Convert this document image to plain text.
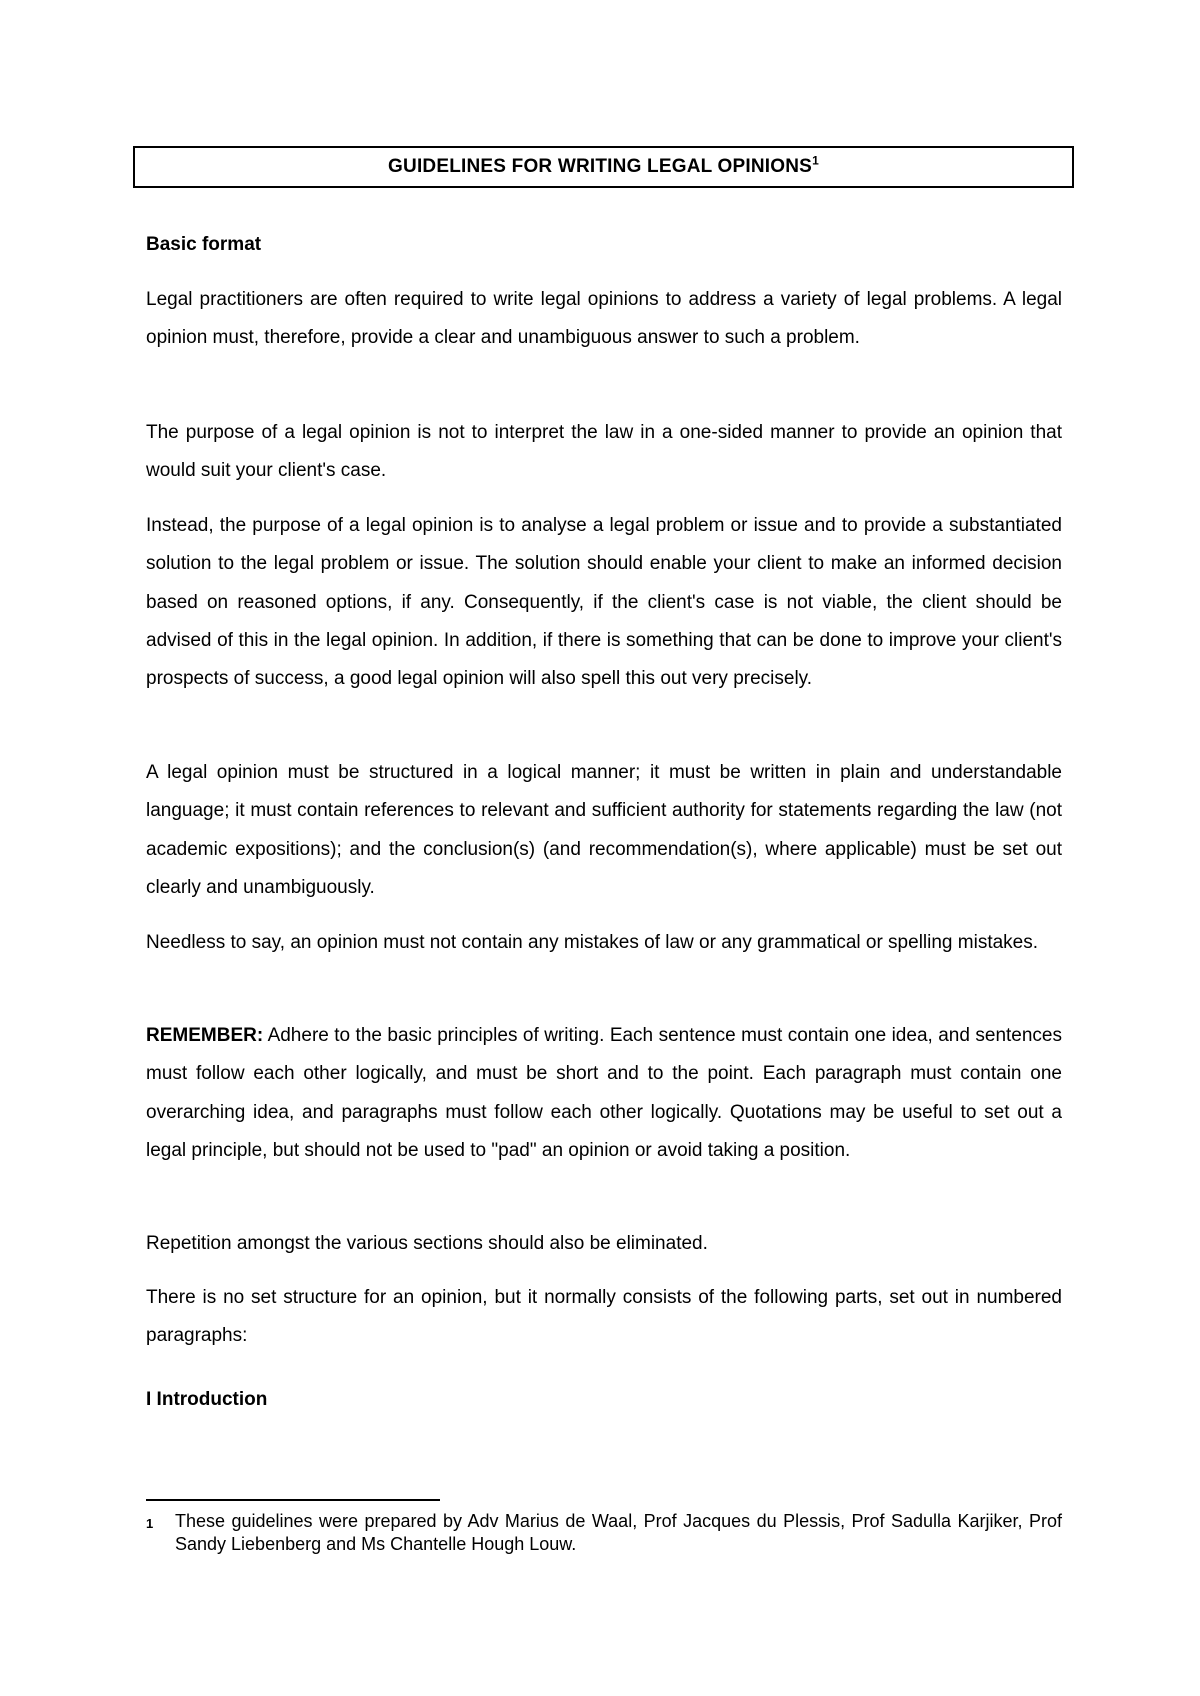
GUIDELINES FOR WRITING LEGAL OPINIONS$^1$
Basic format

Legal practitioners are often required to write legal opinions to address a variety of legal problems. A legal opinion must, therefore, provide a clear and unambiguous answer to such a problem.

The purpose of a legal opinion is not to interpret the law in a one-sided manner to provide an opinion that would suit your client's case.

Instead, the purpose of a legal opinion is to analyse a legal problem or issue and to provide a substantiated solution to the legal problem or issue. The solution should enable your client to make an informed decision based on reasoned options, if any. Consequently, if the client's case is not viable, the client should be advised of this in the legal opinion. In addition, if there is something that can be done to improve your client's prospects of success, a good legal opinion will also spell this out very precisely.

A legal opinion must be structured in a logical manner; it must be written in plain and understandable language; it must contain references to relevant and sufficient authority for statements regarding the law (not academic expositions); and the conclusion(s) (and recommendation(s), where applicable) must be set out clearly and unambiguously.

Needless to say, an opinion must not contain any mistakes of law or any grammatical or spelling mistakes.

REMEMBER: Adhere to the basic principles of writing. Each sentence must contain one idea, and sentences must follow each other logically, and must be short and to the point. Each paragraph must contain one overarching idea, and paragraphs must follow each other logically. Quotations may be useful to set out a legal principle, but should not be used to "pad" an opinion or avoid taking a position.

Repetition amongst the various sections should also be eliminated.

There is no set structure for an opinion, but it normally consists of the following parts, set out in numbered paragraphs:

I Introduction
1 These guidelines were prepared by Adv Marius de Waal, Prof Jacques du Plessis, Prof Sadulla Karjiker, Prof Sandy Liebenberg and Ms Chantelle Hough Louw.
